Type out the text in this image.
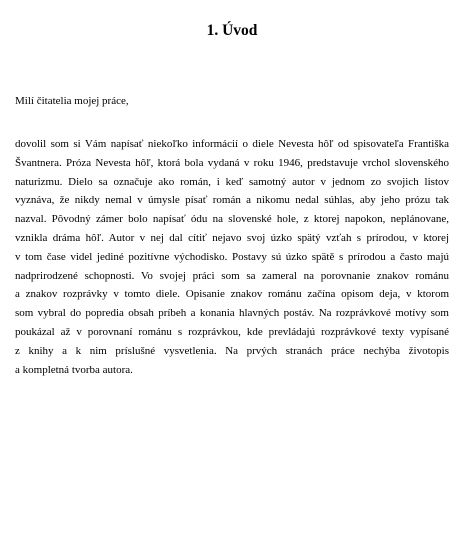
1. Úvod

Milí čitatelia mojej práce,

dovolil som si Vám napísať niekoľko informácií o diele Nevesta hôľ od spisovateľa Františka
Švantnera. Próza Nevesta hôľ, ktorá bola vydaná v roku 1946, predstavuje vrchol slovenského
naturizmu. Dielo sa označuje ako román, i keď samotný autor v jednom zo svojich listov
vyznáva, že nikdy nemal v úmysle písať román a nikomu nedal súhlas, aby jeho prózu tak
nazval. Pôvodný zámer bolo napísať ódu na slovenské hole, z ktorej napokon, neplánovane,
vznikla dráma hôľ. Autor v nej dal cítiť nejavo svoj úzko spätý vzťah s prírodou, v ktorej
v tom čase videl jediné pozitívne východisko. Postavy sú úzko spätě s prírodou a často majú
nadprirodzené schopnosti. Vo svojej práci som sa zameral na porovnanie znakov románu
a znakov rozprávky v tomto diele. Opisanie znakov románu začína opisom deja, v ktorom
som vybral do popredia obsah príbeh a konania hlavných postáv. Na rozprávkové motívy som
poukázal až v porovnaní románu s rozprávkou, kde prevládajú rozprávkové texty vypísané
z knihy a k nim príslušné vysvetlenia. Na prvých stranách práce nechýba životopis
a kompletná tvorba autora.
